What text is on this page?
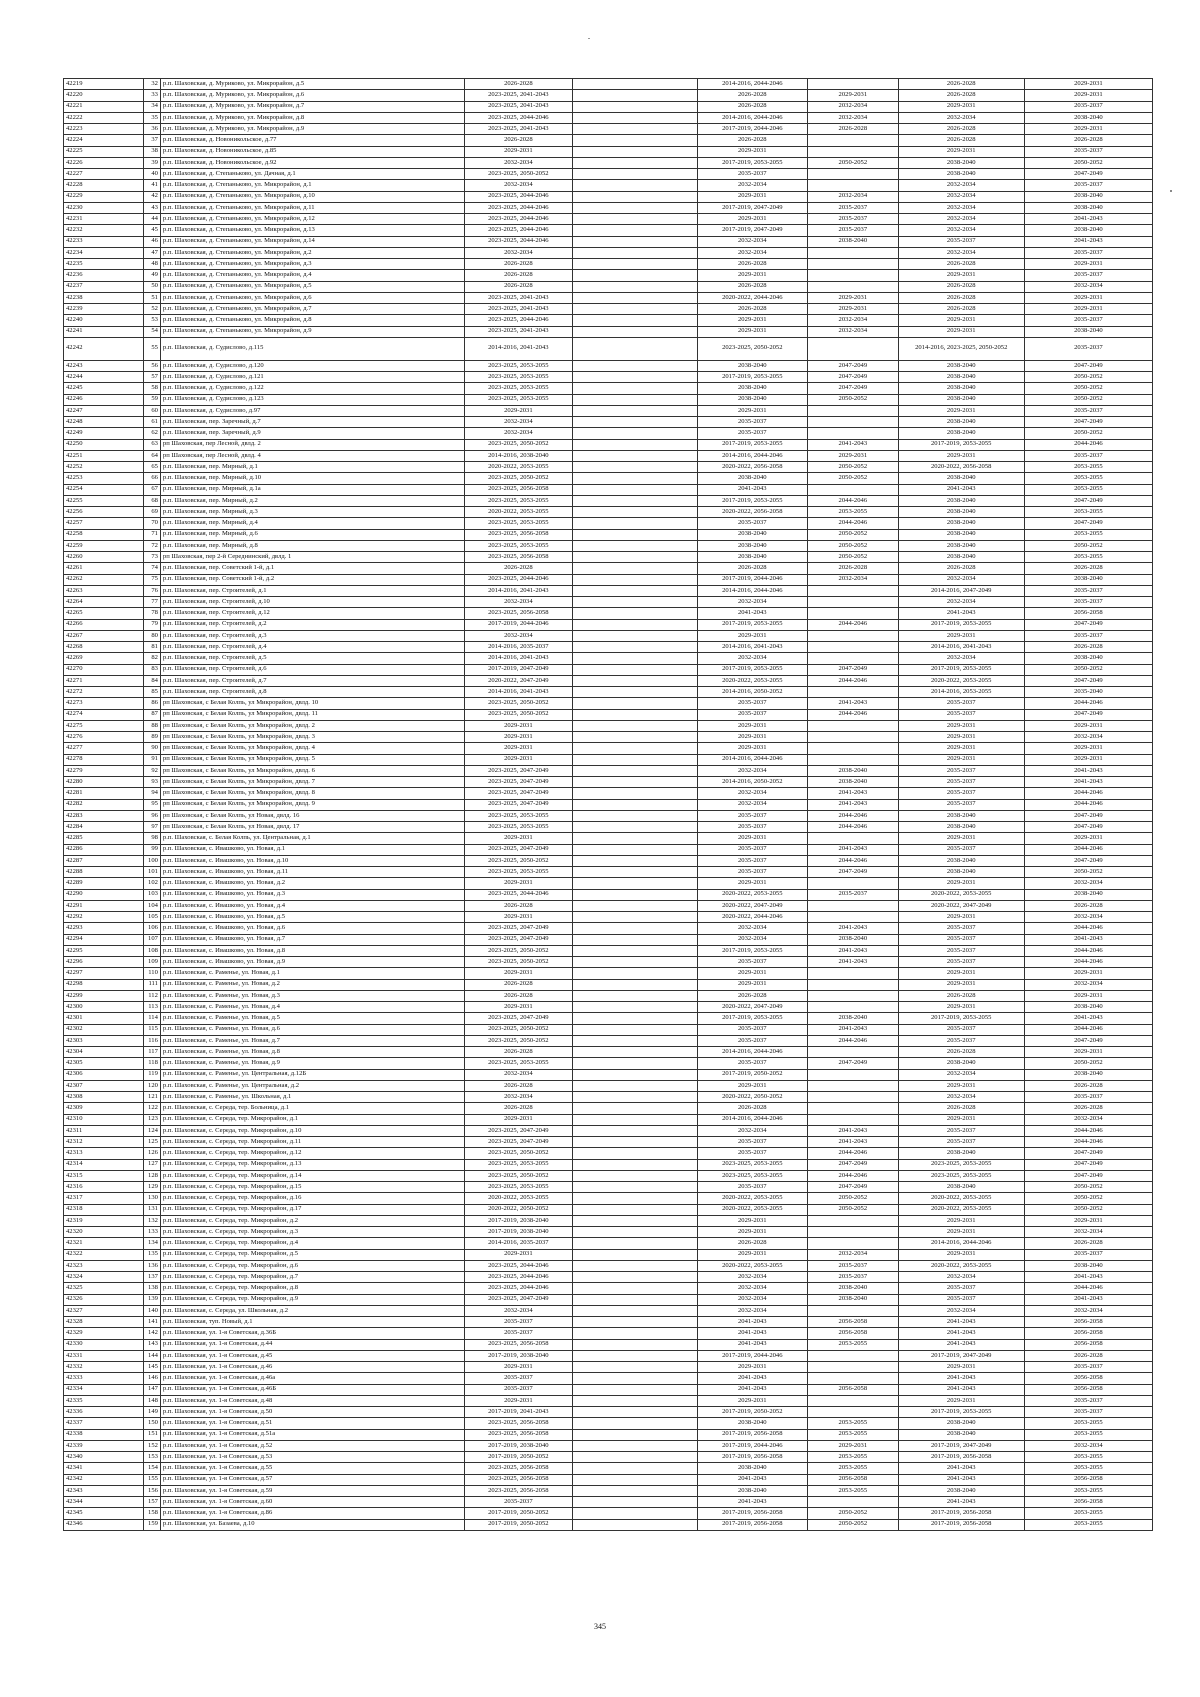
42219	32	р.п. Шаховская, д. Муриково, ул. Микрорайон, д.5	2026-2028		2014-2016, 2044-2046		2026-2028	2029-2031
42220	33	р.п. Шаховская, д. Муриково, ул. Микрорайон, д.6	2023-2025, 2041-2043		2026-2028	2029-2031	2026-2028	2029-2031
42221	34	р.п. Шаховская, д. Муриково, ул. Микрорайон, д.7	2023-2025, 2041-2043		2026-2028	2032-2034	2029-2031	2035-2037
42222	35	р.п. Шаховская, д. Муриково, ул. Микрорайон, д.8	2023-2025, 2044-2046		2014-2016, 2044-2046	2032-2034	2032-2034	2038-2040
42223	36	р.п. Шаховская, д. Муриково, ул. Микрорайон, д.9	2023-2025, 2041-2043		2017-2019, 2044-2046	2026-2028	2026-2028	2029-2031
42224	37	р.п. Шаховская, д. Новоникольское, д.77	2026-2028		2026-2028		2026-2028	2026-2028
42225	38	р.п. Шаховская, д. Новоникольское, д.85	2029-2031		2029-2031		2029-2031	2035-2037
42226	39	р.п. Шаховская, д. Новоникольское, д.92	2032-2034		2017-2019, 2053-2055	2050-2052	2038-2040	2050-2052
42227	40	р.п. Шаховская, д. Степаньково, ул. Дачная, д.1	2023-2025, 2050-2052		2035-2037		2038-2040	2047-2049
42228	41	р.п. Шаховская, д. Степаньково, ул. Микрорайон, д.1	2032-2034		2032-2034		2032-2034	2035-2037
42229	42	р.п. Шаховская, д. Степаньково, ул. Микрорайон, д.10	2023-2025, 2044-2046		2029-2031	2032-2034	2032-2034	2038-2040
42230	43	р.п. Шаховская, д. Степаньково, ул. Микрорайон, д.11	2023-2025, 2044-2046		2017-2019, 2047-2049	2035-2037	2032-2034	2038-2040
42231	44	р.п. Шаховская, д. Степаньково, ул. Микрорайон, д.12	2023-2025, 2044-2046		2029-2031	2035-2037	2032-2034	2041-2043
42232	45	р.п. Шаховская, д. Степаньково, ул. Микрорайон, д.13	2023-2025, 2044-2046		2017-2019, 2047-2049	2035-2037	2032-2034	2038-2040
42233	46	р.п. Шаховская, д. Степаньково, ул. Микрорайон, д.14	2023-2025, 2044-2046		2032-2034	2038-2040	2035-2037	2041-2043
42234	47	р.п. Шаховская, д. Степаньково, ул. Микрорайон, д.2	2032-2034		2032-2034		2032-2034	2035-2037
42235	48	р.п. Шаховская, д. Степаньково, ул. Микрорайон, д.3	2026-2028		2026-2028		2026-2028	2029-2031
42236	49	р.п. Шаховская, д. Степаньково, ул. Микрорайон, д.4	2026-2028		2029-2031		2029-2031	2035-2037
42237	50	р.п. Шаховская, д. Степаньково, ул. Микрорайон, д.5	2026-2028		2026-2028		2026-2028	2032-2034
42238	51	р.п. Шаховская, д. Степаньково, ул. Микрорайон, д.6	2023-2025, 2041-2043		2020-2022, 2044-2046	2029-2031	2026-2028	2029-2031
42239	52	р.п. Шаховская, д. Степаньково, ул. Микрорайон, д.7	2023-2025, 2041-2043		2026-2028	2029-2031	2026-2028	2029-2031
42240	53	р.п. Шаховская, д. Степаньково, ул. Микрорайон, д.8	2023-2025, 2044-2046		2029-2031	2032-2034	2029-2031	2035-2037
42241	54	р.п. Шаховская, д. Степаньково, ул. Микрорайон, д.9	2023-2025, 2041-2043		2029-2031	2032-2034	2029-2031	2038-2040
42242	55	р.п. Шаховская, д. Судислово, д.115	2014-2016, 2041-2043		2023-2025, 2050-2052		2014-2016, 2023-2025, 2050-2052	2035-2037
42243	56	р.п. Шаховская, д. Судислово, д.120	2023-2025, 2053-2055		2038-2040	2047-2049	2038-2040	2047-2049
42244	57	р.п. Шаховская, д. Судислово, д.121	2023-2025, 2053-2055		2017-2019, 2053-2055	2047-2049	2038-2040	2050-2052
42245	58	р.п. Шаховская, д. Судислово, д.122	2023-2025, 2053-2055		2038-2040	2047-2049	2038-2040	2050-2052
42246	59	р.п. Шаховская, д. Судислово, д.123	2023-2025, 2053-2055		2038-2040	2050-2052	2038-2040	2050-2052
42247	60	р.п. Шаховская, д. Судислово, д.97	2029-2031		2029-2031		2029-2031	2035-2037
42248	61	р.п. Шаховская, пер. Заречный, д.7	2032-2034		2035-2037		2038-2040	2047-2049
42249	62	р.п. Шаховская, пер. Заречный, д.9	2032-2034		2035-2037		2038-2040	2050-2052
42250	63	рп Шаховская, пер Лесной, двлд. 2	2023-2025, 2050-2052		2017-2019, 2053-2055	2041-2043	2017-2019, 2053-2055	2044-2046
42251	64	рп Шаховская, пер Лесной, двлд. 4	2014-2016, 2038-2040		2014-2016, 2044-2046	2029-2031	2029-2031	2035-2037
42252	65	р.п. Шаховская, пер. Мирный, д.1	2020-2022, 2053-2055		2020-2022, 2056-2058	2050-2052	2020-2022, 2056-2058	2053-2055
42253	66	р.п. Шаховская, пер. Мирный, д.10	2023-2025, 2050-2052		2038-2040	2050-2052	2038-2040	2053-2055
42254	67	р.п. Шаховская, пер. Мирный, д.1а	2023-2025, 2056-2058		2041-2043		2041-2043	2053-2055
42255	68	р.п. Шаховская, пер. Мирный, д.2	2023-2025, 2053-2055		2017-2019, 2053-2055	2044-2046	2038-2040	2047-2049
42256	69	р.п. Шаховская, пер. Мирный, д.3	2020-2022, 2053-2055		2020-2022, 2056-2058	2053-2055	2038-2040	2053-2055
42257	70	р.п. Шаховская, пер. Мирный, д.4	2023-2025, 2053-2055		2035-2037	2044-2046	2038-2040	2047-2049
42258	71	р.п. Шаховская, пер. Мирный, д.6	2023-2025, 2056-2058		2038-2040	2050-2052	2038-2040	2053-2055
42259	72	р.п. Шаховская, пер. Мирный, д.8	2023-2025, 2053-2055		2038-2040	2050-2052	2038-2040	2050-2052
42260	73	рп Шаховская, пер 2-й Середнинский, двлд. 1	2023-2025, 2056-2058		2038-2040	2050-2052	2038-2040	2053-2055
42261	74	р.п. Шаховская, пер. Советский 1-й, д.1	2026-2028		2026-2028	2026-2028	2026-2028	2026-2028
42262	75	р.п. Шаховская, пер. Советский 1-й, д.2	2023-2025, 2044-2046		2017-2019, 2044-2046	2032-2034	2032-2034	2038-2040
42263	76	р.п. Шаховская, пер. Строителей, д.1	2014-2016, 2041-2043		2014-2016, 2044-2046		2014-2016, 2047-2049	2035-2037
42264	77	р.п. Шаховская, пер. Строителей, д.10	2032-2034		2032-2034		2032-2034	2035-2037
42265	78	р.п. Шаховская, пер. Строителей, д.12	2023-2025, 2056-2058		2041-2043		2041-2043	2056-2058
42266	79	р.п. Шаховская, пер. Строителей, д.2	2017-2019, 2044-2046		2017-2019, 2053-2055	2044-2046	2017-2019, 2053-2055	2047-2049
42267	80	р.п. Шаховская, пер. Строителей, д.3	2032-2034		2029-2031		2029-2031	2035-2037
42268	81	р.п. Шаховская, пер. Строителей, д.4	2014-2016, 2035-2037		2014-2016, 2041-2043		2014-2016, 2041-2043	2026-2028
42269	82	р.п. Шаховская, пер. Строителей, д.5	2014-2016, 2041-2043		2032-2034		2032-2034	2038-2040
42270	83	р.п. Шаховская, пер. Строителей, д.6	2017-2019, 2047-2049		2017-2019, 2053-2055	2047-2049	2017-2019, 2053-2055	2050-2052
42271	84	р.п. Шаховская, пер. Строителей, д.7	2020-2022, 2047-2049		2020-2022, 2053-2055	2044-2046	2020-2022, 2053-2055	2047-2049
42272	85	р.п. Шаховская, пер. Строителей, д.8	2014-2016, 2041-2043		2014-2016, 2050-2052		2014-2016, 2053-2055	2035-2040
42273	86	рп Шаховская, с Белая Колпь, ул Микрорайон, двлд. 10	2023-2025, 2050-2052		2035-2037	2041-2043	2035-2037	2044-2046
42274	87	рп Шаховская, с Белая Колпь, ул Микрорайон, двлд. 11	2023-2025, 2050-2052		2035-2037	2044-2046	2035-2037	2047-2049
42275	88	рп Шаховская, с Белая Колпь, ул Микрорайон, двлд. 2	2029-2031		2029-2031		2029-2031	2029-2031
42276	89	рп Шаховская, с Белая Колпь, ул Микрорайон, двлд. 3	2029-2031		2029-2031		2029-2031	2032-2034
42277	90	рп Шаховская, с Белая Колпь, ул Микрорайон, двлд. 4	2029-2031		2029-2031		2029-2031	2029-2031
42278	91	рп Шаховская, с Белая Колпь, ул Микрорайон, двлд. 5	2029-2031		2014-2016, 2044-2046		2029-2031	2029-2031
42279	92	рп Шаховская, с Белая Колпь, ул Микрорайон, двлд. 6	2023-2025, 2047-2049		2032-2034	2038-2040	2035-2037	2041-2043
42280	93	рп Шаховская, с Белая Колпь, ул Микрорайон, двлд. 7	2023-2025, 2047-2049		2014-2016, 2050-2052	2038-2040	2035-2037	2041-2043
42281	94	рп Шаховская, с Белая Колпь, ул Микрорайон, двлд. 8	2023-2025, 2047-2049		2032-2034	2041-2043	2035-2037	2044-2046
42282	95	рп Шаховская, с Белая Колпь, ул Микрорайон, двлд. 9	2023-2025, 2047-2049		2032-2034	2041-2043	2035-2037	2044-2046
42283	96	рп Шаховская, с Белая Колпь, ул Новая, двлд. 16	2023-2025, 2053-2055		2035-2037	2044-2046	2038-2040	2047-2049
42284	97	рп Шаховская, с Белая Колпь, ул Новая, двлд. 17	2023-2025, 2053-2055		2035-2037	2044-2046	2038-2040	2047-2049
42285	98	р.п. Шаховская, с. Белая Колпь, ул. Центральная, д.1	2029-2031		2029-2031		2029-2031	2029-2031
42286	99	р.п. Шаховская, с. Ивашково, ул. Новая, д.1	2023-2025, 2047-2049		2035-2037	2041-2043	2035-2037	2044-2046
42287	100	р.п. Шаховская, с. Ивашково, ул. Новая, д.10	2023-2025, 2050-2052		2035-2037	2044-2046	2038-2040	2047-2049
42288	101	р.п. Шаховская, с. Ивашково, ул. Новая, д.11	2023-2025, 2053-2055		2035-2037	2047-2049	2038-2040	2050-2052
42289	102	р.п. Шаховская, с. Ивашково, ул. Новая, д.2	2029-2031		2029-2031		2029-2031	2032-2034
42290	103	р.п. Шаховская, с. Ивашково, ул. Новая, д.3	2023-2025, 2044-2046		2020-2022, 2053-2055	2035-2037	2020-2022, 2053-2055	2038-2040
42291	104	р.п. Шаховская, с. Ивашково, ул. Новая, д.4	2026-2028		2020-2022, 2047-2049		2020-2022, 2047-2049	2026-2028
42292	105	р.п. Шаховская, с. Ивашково, ул. Новая, д.5	2029-2031		2020-2022, 2044-2046		2029-2031	2032-2034
42293	106	р.п. Шаховская, с. Ивашково, ул. Новая, д.6	2023-2025, 2047-2049		2032-2034	2041-2043	2035-2037	2044-2046
42294	107	р.п. Шаховская, с. Ивашково, ул. Новая, д.7	2023-2025, 2047-2049		2032-2034	2038-2040	2035-2037	2041-2043
42295	108	р.п. Шаховская, с. Ивашково, ул. Новая, д.8	2023-2025, 2050-2052		2017-2019, 2053-2055	2041-2043	2035-2037	2044-2046
42296	109	р.п. Шаховская, с. Ивашково, ул. Новая, д.9	2023-2025, 2050-2052		2035-2037	2041-2043	2035-2037	2044-2046
42297	110	р.п. Шаховская, с. Раменье, ул. Новая, д.1	2029-2031		2029-2031		2029-2031	2029-2031
42298	111	р.п. Шаховская, с. Раменье, ул. Новая, д.2	2026-2028		2029-2031		2029-2031	2032-2034
42299	112	р.п. Шаховская, с. Раменье, ул. Новая, д.3	2026-2028		2026-2028		2026-2028	2029-2031
42300	113	р.п. Шаховская, с. Раменье, ул. Новая, д.4	2029-2031		2020-2022, 2047-2049		2029-2031	2038-2040
42301	114	р.п. Шаховская, с. Раменье, ул. Новая, д.5	2023-2025, 2047-2049		2017-2019, 2053-2055	2038-2040	2017-2019, 2053-2055	2041-2043
42302	115	р.п. Шаховская, с. Раменье, ул. Новая, д.6	2023-2025, 2050-2052		2035-2037	2041-2043	2035-2037	2044-2046
42303	116	р.п. Шаховская, с. Раменье, ул. Новая, д.7	2023-2025, 2050-2052		2035-2037	2044-2046	2035-2037	2047-2049
42304	117	р.п. Шаховская, с. Раменье, ул. Новая, д.8	2026-2028		2014-2016, 2044-2046		2026-2028	2029-2031
42305	118	р.п. Шаховская, с. Раменье, ул. Новая, д.9	2023-2025, 2053-2055		2035-2037	2047-2049	2038-2040	2050-2052
42306	119	р.п. Шаховская, с. Раменье, ул. Центральная, д.12Б	2032-2034		2017-2019, 2050-2052		2032-2034	2038-2040
42307	120	р.п. Шаховская, с. Раменье, ул. Центральная, д.2	2026-2028		2029-2031		2029-2031	2026-2028
42308	121	р.п. Шаховская, с. Раменье, ул. Школьная, д.1	2032-2034		2020-2022, 2050-2052		2032-2034	2035-2037
42309	122	р.п. Шаховская, с. Середа, тер. Больница, д.1	2026-2028		2026-2028		2026-2028	2026-2028
42310	123	р.п. Шаховская, с. Середа, тер. Микрорайон, д.1	2029-2031		2014-2016, 2044-2046		2029-2031	2032-2034
42311	124	р.п. Шаховская, с. Середа, тер. Микрорайон, д.10	2023-2025, 2047-2049		2032-2034	2041-2043	2035-2037	2044-2046
42312	125	р.п. Шаховская, с. Середа, тер. Микрорайон, д.11	2023-2025, 2047-2049		2035-2037	2041-2043	2035-2037	2044-2046
42313	126	р.п. Шаховская, с. Середа, тер. Микрорайон, д.12	2023-2025, 2050-2052		2035-2037	2044-2046	2038-2040	2047-2049
42314	127	р.п. Шаховская, с. Середа, тер. Микрорайон, д.13	2023-2025, 2053-2055		2023-2025, 2053-2055	2047-2049	2023-2025, 2053-2055	2047-2049
42315	128	р.п. Шаховская, с. Середа, тер. Микрорайон, д.14	2023-2025, 2050-2052		2023-2025, 2053-2055	2044-2046	2023-2025, 2053-2055	2047-2049
42316	129	р.п. Шаховская, с. Середа, тер. Микрорайон, д.15	2023-2025, 2053-2055		2035-2037	2047-2049	2038-2040	2050-2052
42317	130	р.п. Шаховская, с. Середа, тер. Микрорайон, д.16	2020-2022, 2053-2055		2020-2022, 2053-2055	2050-2052	2020-2022, 2053-2055	2050-2052
42318	131	р.п. Шаховская, с. Середа, тер. Микрорайон, д.17	2020-2022, 2050-2052		2020-2022, 2053-2055	2050-2052	2020-2022, 2053-2055	2050-2052
42319	132	р.п. Шаховская, с. Середа, тер. Микрорайон, д.2	2017-2019, 2038-2040		2029-2031		2029-2031	2029-2031
42320	133	р.п. Шаховская, с. Середа, тер. Микрорайон, д.3	2017-2019, 2038-2040		2029-2031		2029-2031	2032-2034
42321	134	р.п. Шаховская, с. Середа, тер. Микрорайон, д.4	2014-2016, 2035-2037		2026-2028		2014-2016, 2044-2046	2026-2028
42322	135	р.п. Шаховская, с. Середа, тер. Микрорайон, д.5	2029-2031		2029-2031	2032-2034	2029-2031	2035-2037
42323	136	р.п. Шаховская, с. Середа, тер. Микрорайон, д.6	2023-2025, 2044-2046		2020-2022, 2053-2055	2035-2037	2020-2022, 2053-2055	2038-2040
42324	137	р.п. Шаховская, с. Середа, тер. Микрорайон, д.7	2023-2025, 2044-2046		2032-2034	2035-2037	2032-2034	2041-2043
42325	138	р.п. Шаховская, с. Середа, тер. Микрорайон, д.8	2023-2025, 2044-2046		2032-2034	2038-2040	2035-2037	2044-2046
42326	139	р.п. Шаховская, с. Середа, тер. Микрорайон, д.9	2023-2025, 2047-2049		2032-2034	2038-2040	2035-2037	2041-2043
42327	140	р.п. Шаховская, с. Середа, ул. Школьная, д.2	2032-2034		2032-2034		2032-2034	2032-2034
42328	141	р.п. Шаховская, туп. Новый, д.1	2035-2037		2041-2043	2056-2058	2041-2043	2056-2058
42329	142	р.п. Шаховская, ул. 1-я Советская, д.36Б	2035-2037		2041-2043	2056-2058	2041-2043	2056-2058
42330	143	р.п. Шаховская, ул. 1-я Советская, д.44	2023-2025, 2056-2058		2041-2043	2053-2055	2041-2043	2056-2058
42331	144	р.п. Шаховская, ул. 1-я Советская, д.45	2017-2019, 2038-2040		2017-2019, 2044-2046		2017-2019, 2047-2049	2026-2028
42332	145	р.п. Шаховская, ул. 1-я Советская, д.46	2029-2031		2029-2031		2029-2031	2035-2037
42333	146	р.п. Шаховская, ул. 1-я Советская, д.46а	2035-2037		2041-2043		2041-2043	2056-2058
42334	147	р.п. Шаховская, ул. 1-я Советская, д.46Б	2035-2037		2041-2043	2056-2058	2041-2043	2056-2058
42335	148	р.п. Шаховская, ул. 1-я Советская, д.48	2029-2031		2029-2031		2029-2031	2035-2037
42336	149	р.п. Шаховская, ул. 1-я Советская, д.50	2017-2019, 2041-2043		2017-2019, 2050-2052		2017-2019, 2053-2055	2035-2037
42337	150	р.п. Шаховская, ул. 1-я Советская, д.51	2023-2025, 2056-2058		2038-2040	2053-2055	2038-2040	2053-2055
42338	151	р.п. Шаховская, ул. 1-я Советская, д.51а	2023-2025, 2056-2058		2017-2019, 2056-2058	2053-2055	2038-2040	2053-2055
42339	152	р.п. Шаховская, ул. 1-я Советская, д.52	2017-2019, 2038-2040		2017-2019, 2044-2046	2029-2031	2017-2019, 2047-2049	2032-2034
42340	153	р.п. Шаховская, ул. 1-я Советская, д.53	2017-2019, 2050-2052		2017-2019, 2056-2058	2053-2055	2017-2019, 2056-2058	2053-2055
42341	154	р.п. Шаховская, ул. 1-я Советская, д.55	2023-2025, 2056-2058		2038-2040	2053-2055	2041-2043	2053-2055
42342	155	р.п. Шаховская, ул. 1-я Советская, д.57	2023-2025, 2056-2058		2041-2043	2056-2058	2041-2043	2056-2058
42343	156	р.п. Шаховская, ул. 1-я Советская, д.59	2023-2025, 2056-2058		2038-2040	2053-2055	2038-2040	2053-2055
42344	157	р.п. Шаховская, ул. 1-я Советская, д.60	2035-2037		2041-2043		2041-2043	2056-2058
42345	158	р.п. Шаховская, ул. 1-я Советская, д.86	2017-2019, 2050-2052		2017-2019, 2056-2058	2050-2052	2017-2019, 2056-2058	2053-2055
42346	159	р.п. Шаховская, ул. Базаева, д.10	2017-2019, 2050-2052		2017-2019, 2056-2058	2050-2052	2017-2019, 2056-2058	2053-2055
345
